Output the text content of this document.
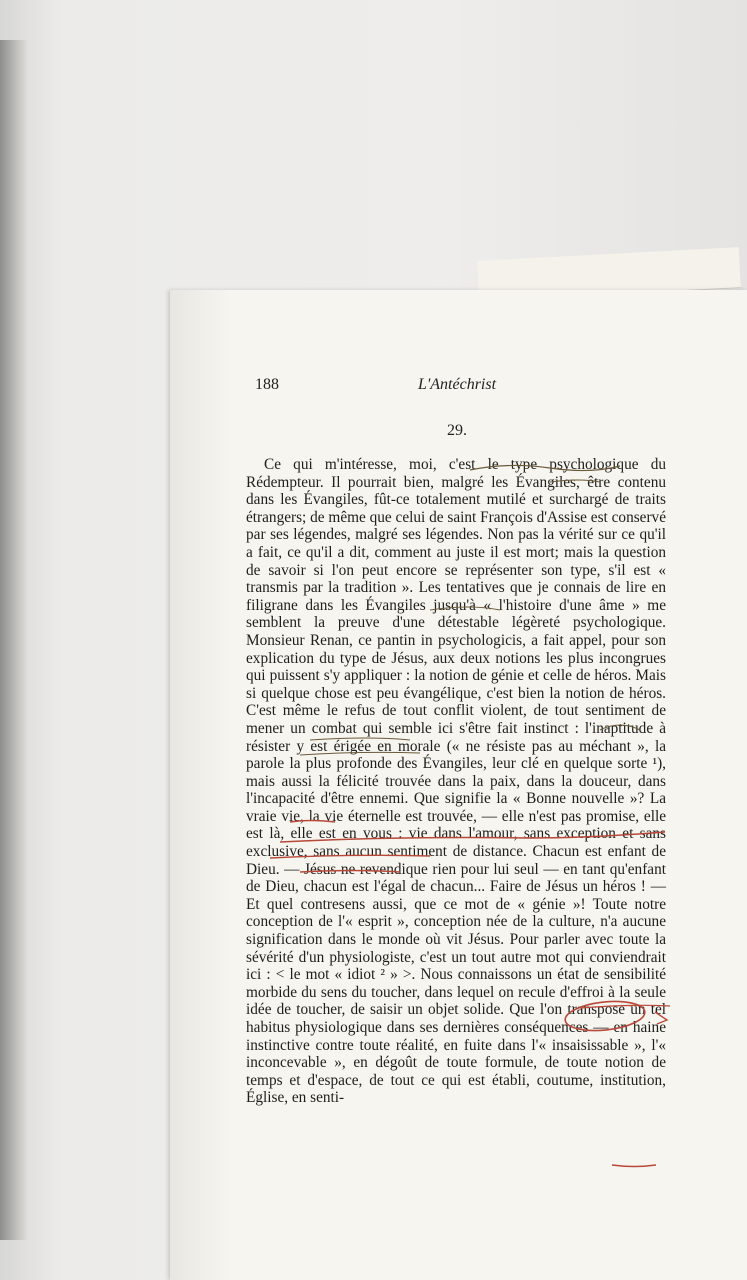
188	L'Antéchrist
29.

Ce qui m'intéresse, moi, c'est le type psychologique du Rédempteur. Il pourrait bien, malgré les Évangiles, être contenu dans les Évangiles, fût-ce totalement mutilé et surchargé de traits étrangers; de même que celui de saint François d'Assise est conservé par ses légendes, malgré ses légendes. Non pas la vérité sur ce qu'il a fait, ce qu'il a dit, comment au juste il est mort; mais la question de savoir si l'on peut encore se représenter son type, s'il est « transmis par la tradition ». Les tentatives que je connais de lire en filigrane dans les Évangiles jusqu'à « l'histoire d'une âme » me semblent la preuve d'une détestable légèreté psychologique. Monsieur Renan, ce pantin in psychologicis, a fait appel, pour son explication du type de Jésus, aux deux notions les plus incongrues qui puissent s'y appliquer : la notion de génie et celle de héros. Mais si quelque chose est peu évangélique, c'est bien la notion de héros. C'est même le refus de tout conflit violent, de tout sentiment de mener un combat qui semble ici s'être fait instinct : l'inaptitude à résister y est érigée en morale (« ne résiste pas au méchant », la parole la plus profonde des Évangiles, leur clé en quelque sorte ¹), mais aussi la félicité trouvée dans la paix, dans la douceur, dans l'incapacité d'être ennemi. Que signifie la « Bonne nouvelle »? La vraie vie, la vie éternelle est trouvée, — elle n'est pas promise, elle est là, elle est en vous : vie dans l'amour, sans exception et sans exclusive, sans aucun sentiment de distance. Chacun est enfant de Dieu. — Jésus ne revendique rien pour lui seul — en tant qu'enfant de Dieu, chacun est l'égal de chacun... Faire de Jésus un héros ! — Et quel contresens aussi, que ce mot de « génie »! Toute notre conception de l'« esprit », conception née de la culture, n'a aucune signification dans le monde où vit Jésus. Pour parler avec toute la sévérité d'un physiologiste, c'est un tout autre mot qui conviendrait ici : < le mot « idiot ² » >. Nous connaissons un état de sensibilité morbide du sens du toucher, dans lequel on recule d'effroi à la seule idée de toucher, de saisir un objet solide. Que l'on transpose un tel habitus physiologique dans ses dernières conséquences — en haine instinctive contre toute réalité, en fuite dans l'« insaisissable », l'« inconcevable », en dégoût de toute formule, de toute notion de temps et d'espace, de tout ce qui est établi, coutume, institution, Église, en senti-
